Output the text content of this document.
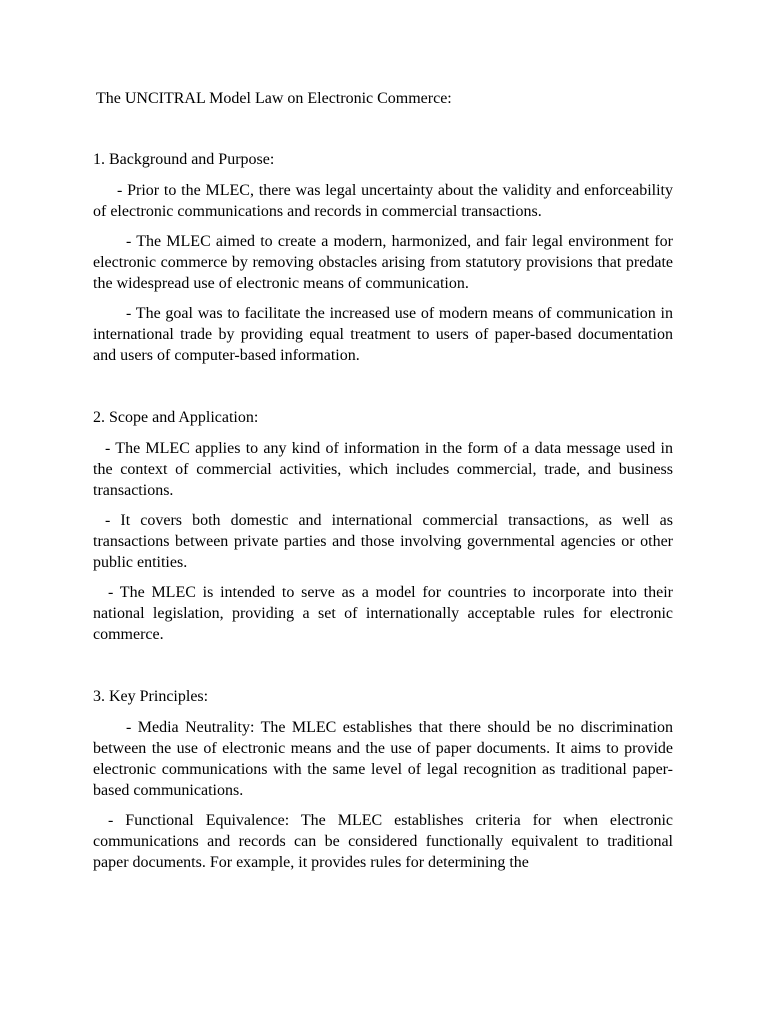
The UNCITRAL Model Law on Electronic Commerce:
1. Background and Purpose:

- Prior to the MLEC, there was legal uncertainty about the validity and enforceability of electronic communications and records in commercial transactions.

- The MLEC aimed to create a modern, harmonized, and fair legal environment for electronic commerce by removing obstacles arising from statutory provisions that predate the widespread use of electronic means of communication.

- The goal was to facilitate the increased use of modern means of communication in international trade by providing equal treatment to users of paper-based documentation and users of computer-based information.

2. Scope and Application:

- The MLEC applies to any kind of information in the form of a data message used in the context of commercial activities, which includes commercial, trade, and business transactions.

- It covers both domestic and international commercial transactions, as well as transactions between private parties and those involving governmental agencies or other public entities.

- The MLEC is intended to serve as a model for countries to incorporate into their national legislation, providing a set of internationally acceptable rules for electronic commerce.

3. Key Principles:

- Media Neutrality: The MLEC establishes that there should be no discrimination between the use of electronic means and the use of paper documents. It aims to provide electronic communications with the same level of legal recognition as traditional paper-based communications.

- Functional Equivalence: The MLEC establishes criteria for when electronic communications and records can be considered functionally equivalent to traditional paper documents. For example, it provides rules for determining the
